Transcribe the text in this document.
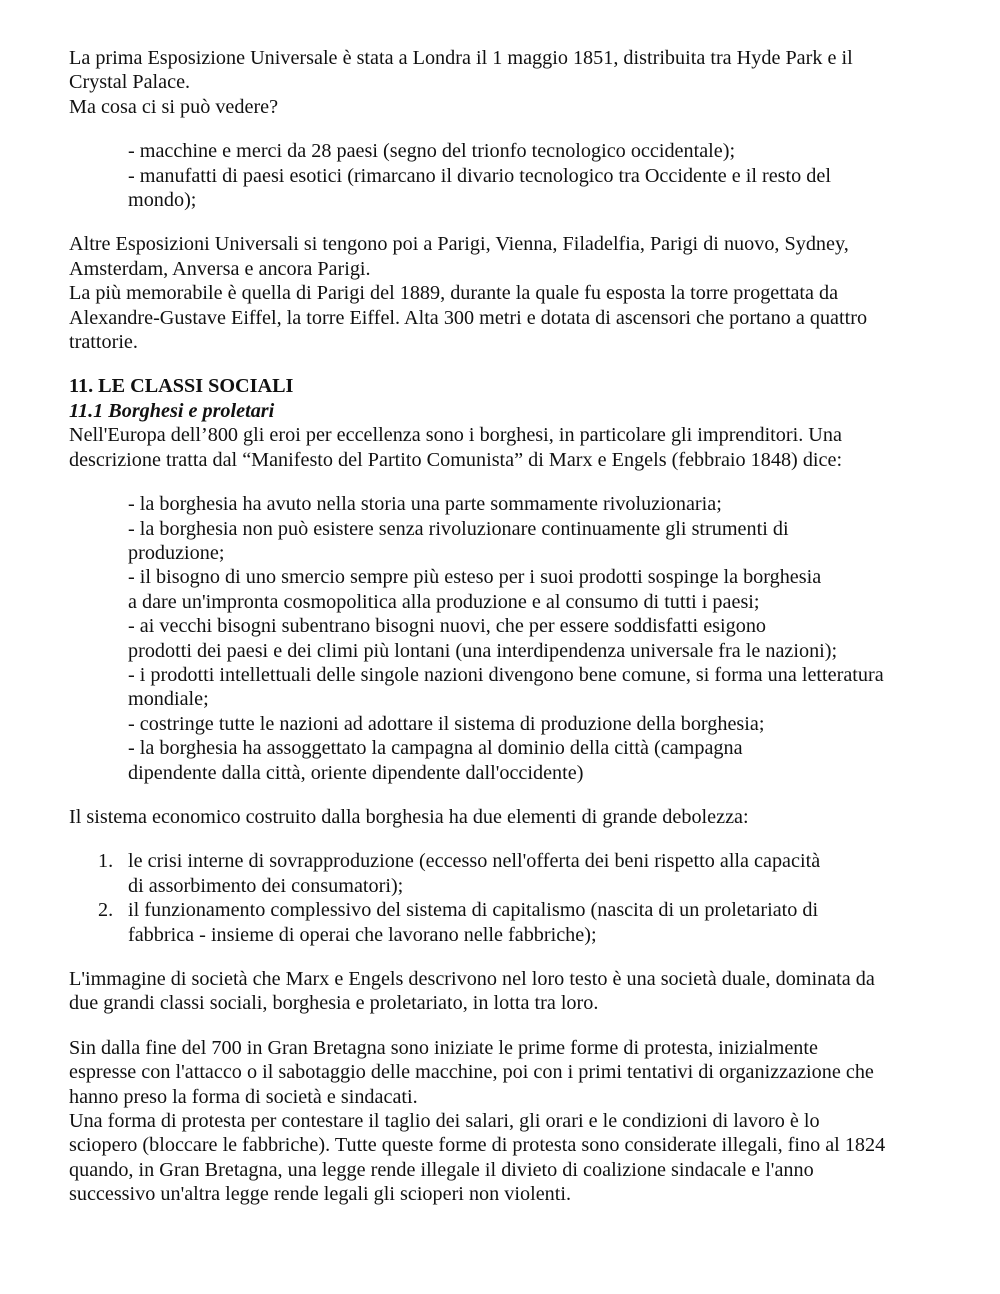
La prima Esposizione Universale è stata a Londra il 1 maggio 1851, distribuita tra Hyde Park e il
Crystal Palace.
Ma cosa ci si può vedere?

- macchine e merci da 28 paesi (segno del trionfo tecnologico occidentale);
- manufatti di paesi esotici (rimarcano il divario tecnologico tra Occidente e il resto del
mondo);

Altre Esposizioni Universali si tengono poi a Parigi, Vienna, Filadelfia, Parigi di nuovo, Sydney,
Amsterdam, Anversa e ancora Parigi.
La più memorabile è quella di Parigi del 1889, durante la quale fu esposta la torre progettata da
Alexandre-Gustave Eiffel, la torre Eiffel. Alta 300 metri e dotata di ascensori che portano a quattro
trattorie.

11. LE CLASSI SOCIALI

11.1 Borghesi e proletari

Nell'Europa dell’800 gli eroi per eccellenza sono i borghesi, in particolare gli imprenditori. Una
descrizione tratta dal “Manifesto del Partito Comunista” di Marx e Engels (febbraio 1848) dice:

- la borghesia ha avuto nella storia una parte sommamente rivoluzionaria;
- la borghesia non può esistere senza rivoluzionare continuamente gli strumenti di
produzione;
- il bisogno di uno smercio sempre più esteso per i suoi prodotti sospinge la borghesia
a dare un'impronta cosmopolitica alla produzione e al consumo di tutti i paesi;
- ai vecchi bisogni subentrano bisogni nuovi, che per essere soddisfatti esigono
prodotti dei paesi e dei climi più lontani (una interdipendenza universale fra le nazioni);
- i prodotti intellettuali delle singole nazioni divengono bene comune, si forma una letteratura
mondiale;
- costringe tutte le nazioni ad adottare il sistema di produzione della borghesia;
- la borghesia ha assoggettato la campagna al dominio della città (campagna
dipendente dalla città, oriente dipendente dall'occidente)

Il sistema economico costruito dalla borghesia ha due elementi di grande debolezza:

1. le crisi interne di sovrapproduzione (eccesso nell'offerta dei beni rispetto alla capacità
di assorbimento dei consumatori);
2. il funzionamento complessivo del sistema di capitalismo (nascita di un proletariato di
fabbrica - insieme di operai che lavorano nelle fabbriche);

L'immagine di società che Marx e Engels descrivono nel loro testo è una società duale, dominata da
due grandi classi sociali, borghesia e proletariato, in lotta tra loro.

Sin dalla fine del 700 in Gran Bretagna sono iniziate le prime forme di protesta, inizialmente
espresse con l'attacco o il sabotaggio delle macchine, poi con i primi tentativi di organizzazione che
hanno preso la forma di società e sindacati.
Una forma di protesta per contestare il taglio dei salari, gli orari e le condizioni di lavoro è lo
sciopero (bloccare le fabbriche). Tutte queste forme di protesta sono considerate illegali, fino al 1824
quando, in Gran Bretagna, una legge rende illegale il divieto di coalizione sindacale e l'anno
successivo un'altra legge rende legali gli scioperi non violenti.
